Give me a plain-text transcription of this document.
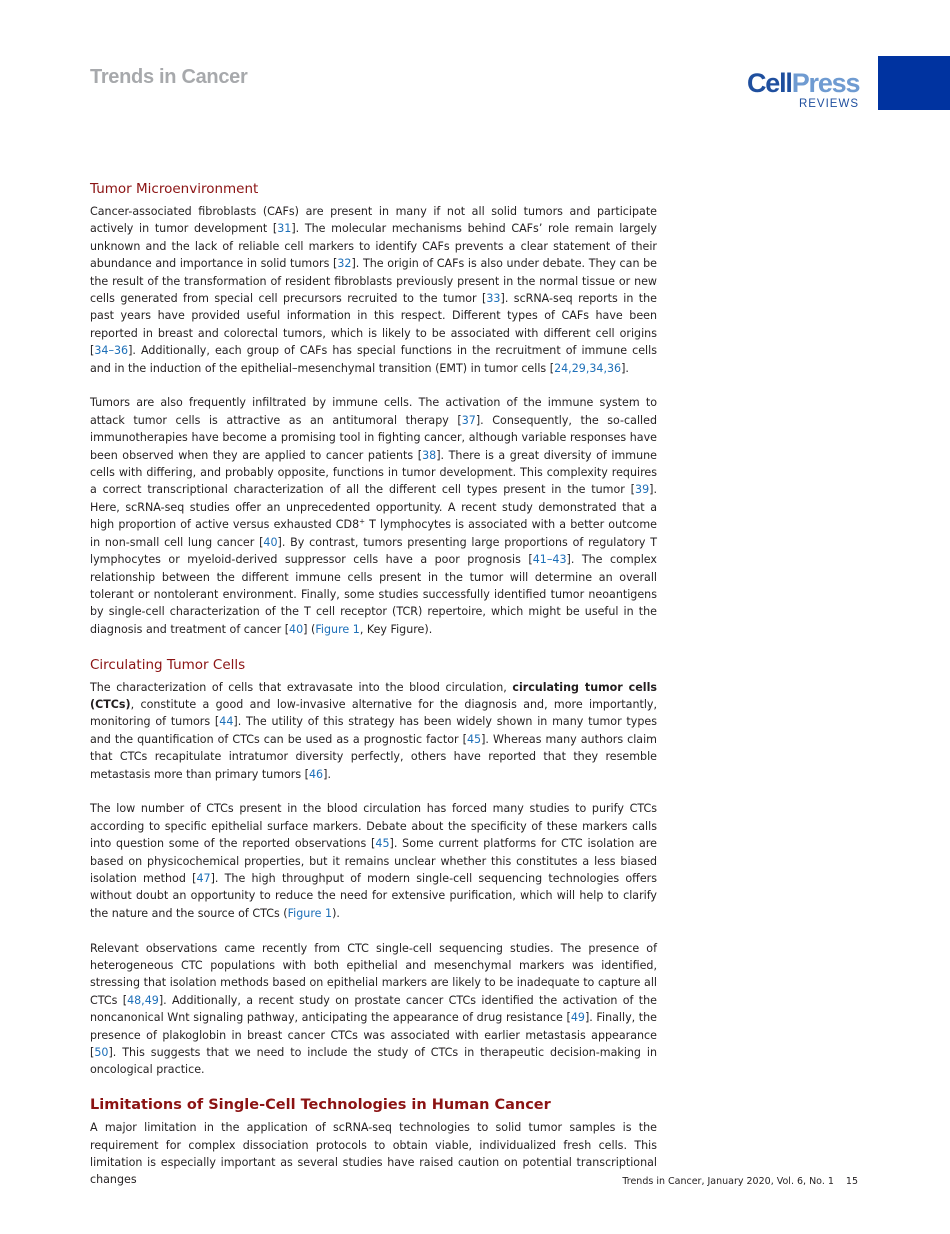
Trends in Cancer	CellPress
REVIEWS
Tumor Microenvironment

Cancer-associated fibroblasts (CAFs) are present in many if not all solid tumors and participate actively in tumor development [31]. The molecular mechanisms behind CAFs’ role remain largely unknown and the lack of reliable cell markers to identify CAFs prevents a clear statement of their abundance and importance in solid tumors [32]. The origin of CAFs is also under debate. They can be the result of the transformation of resident fibroblasts previously present in the normal tissue or new cells generated from special cell precursors recruited to the tumor [33]. scRNA-seq reports in the past years have provided useful information in this respect. Different types of CAFs have been reported in breast and colorectal tumors, which is likely to be associated with different cell origins [34–36]. Additionally, each group of CAFs has special functions in the recruitment of immune cells and in the induction of the epithelial–mesenchymal transition (EMT) in tumor cells [24,29,34,36].

Tumors are also frequently infiltrated by immune cells. The activation of the immune system to attack tumor cells is attractive as an antitumoral therapy [37]. Consequently, the so-called immunotherapies have become a promising tool in fighting cancer, although variable responses have been observed when they are applied to cancer patients [38]. There is a great diversity of immune cells with differing, and probably opposite, functions in tumor development. This complexity requires a correct transcriptional characterization of all the different cell types present in the tumor [39]. Here, scRNA-seq studies offer an unprecedented opportunity. A recent study demonstrated that a high proportion of active versus exhausted CD8+ T lymphocytes is associated with a better outcome in non-small cell lung cancer [40]. By contrast, tumors presenting large proportions of regulatory T lymphocytes or myeloid-derived suppressor cells have a poor prognosis [41–43]. The complex relationship between the different immune cells present in the tumor will determine an overall tolerant or nontolerant environment. Finally, some studies successfully identified tumor neoantigens by single-cell characterization of the T cell receptor (TCR) repertoire, which might be useful in the diagnosis and treatment of cancer [40] (Figure 1, Key Figure).

Circulating Tumor Cells

The characterization of cells that extravasate into the blood circulation, circulating tumor cells (CTCs), constitute a good and low-invasive alternative for the diagnosis and, more importantly, monitoring of tumors [44]. The utility of this strategy has been widely shown in many tumor types and the quantification of CTCs can be used as a prognostic factor [45]. Whereas many authors claim that CTCs recapitulate intratumor diversity perfectly, others have reported that they resemble metastasis more than primary tumors [46].

The low number of CTCs present in the blood circulation has forced many studies to purify CTCs according to specific epithelial surface markers. Debate about the specificity of these markers calls into question some of the reported observations [45]. Some current platforms for CTC isolation are based on physicochemical properties, but it remains unclear whether this constitutes a less biased isolation method [47]. The high throughput of modern single-cell sequencing technologies offers without doubt an opportunity to reduce the need for extensive purification, which will help to clarify the nature and the source of CTCs (Figure 1).

Relevant observations came recently from CTC single-cell sequencing studies. The presence of heterogeneous CTC populations with both epithelial and mesenchymal markers was identified, stressing that isolation methods based on epithelial markers are likely to be inadequate to capture all CTCs [48,49]. Additionally, a recent study on prostate cancer CTCs identified the activation of the noncanonical Wnt signaling pathway, anticipating the appearance of drug resistance [49]. Finally, the presence of plakoglobin in breast cancer CTCs was associated with earlier metastasis appearance [50]. This suggests that we need to include the study of CTCs in therapeutic decision-making in oncological practice.

Limitations of Single-Cell Technologies in Human Cancer

A major limitation in the application of scRNA-seq technologies to solid tumor samples is the requirement for complex dissociation protocols to obtain viable, individualized fresh cells. This limitation is especially important as several studies have raised caution on potential transcriptional changes	Trends in Cancer, January 2020, Vol. 6, No. 1 15
